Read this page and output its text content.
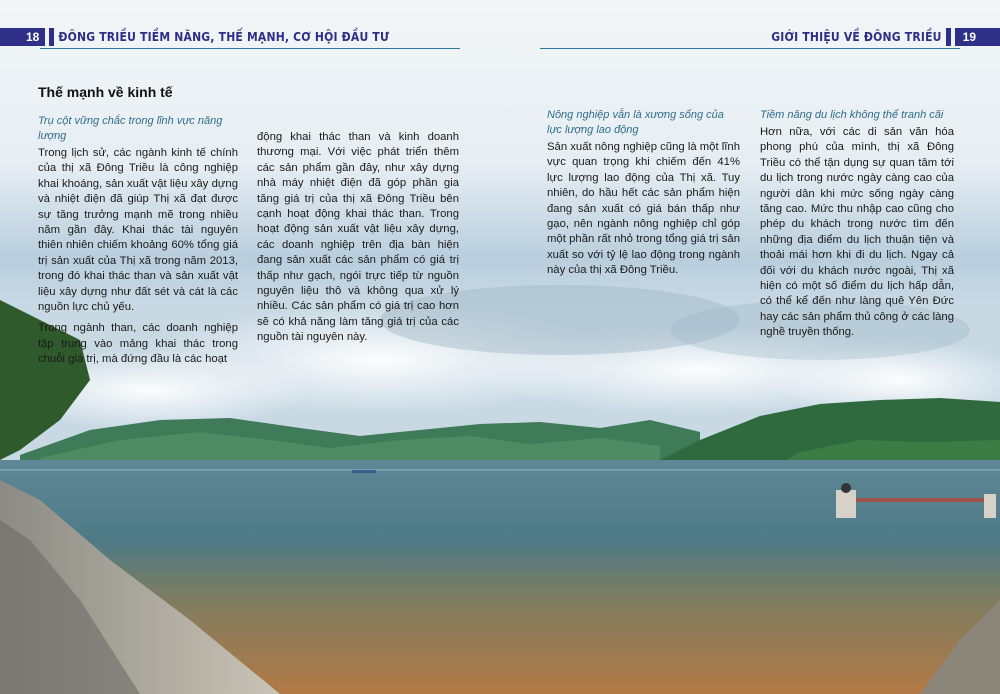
18	ĐÔNG TRIỀU TIỀM NĂNG, THẾ MẠNH, CƠ HỘI ĐẦU TƯ	GIỚI THIỆU VỀ ĐÔNG TRIỀU	19
Thế mạnh về kinh tế
Trụ cột vững chắc trong lĩnh vực năng lượng

Trong lịch sử, các ngành kinh tế chính của thị xã Đông Triều là công nghiệp khai khoáng, sản xuất vật liệu xây dựng và nhiệt điện đã giúp Thị xã đạt được sự tăng trưởng mạnh mẽ trong nhiều năm gần đây. Khai thác tài nguyên thiên nhiên chiếm khoảng 60% tổng giá trị sản xuất của Thị xã trong năm 2013, trong đó khai thác than và sản xuất vật liệu xây dựng như đất sét và cát là các nguồn lực chủ yếu.

Trong ngành than, các doanh nghiệp tập trung vào mảng khai thác trong chuỗi giá trị, mà đứng đầu là các hoạt

động khai thác than và kinh doanh thương mại. Với việc phát triển thêm các sản phẩm gần đây, như xây dựng nhà máy nhiệt điện đã góp phần gia tăng giá trị của thị xã Đông Triều bên cạnh hoạt động khai thác than. Trong hoạt động sản xuất vật liệu xây dựng, các doanh nghiệp trên địa bàn hiện đang sản xuất các sản phẩm có giá trị thấp như gạch, ngói trực tiếp từ nguồn nguyên liệu thô và không qua xử lý nhiều. Các sản phẩm có giá trị cao hơn sẽ có khả năng làm tăng giá trị của các nguồn tài nguyên này.

Nông nghiệp vẫn là xương sống của lực lượng lao động

Sản xuất nông nghiệp cũng là một lĩnh vực quan trọng khi chiếm đến 41% lực lượng lao động của Thị xã. Tuy nhiên, do hầu hết các sản phẩm hiện đang sản xuất có giá bán thấp như gạo, nên ngành nông nghiệp chỉ góp một phần rất nhỏ trong tổng giá trị sản xuất so với tỷ lệ lao động trong ngành này của thị xã Đông Triều.

Tiềm năng du lịch không thể tranh cãi

Hơn nữa, với các di sản văn hóa phong phú của mình, thị xã Đông Triều có thể tận dụng sự quan tâm tới du lịch trong nước ngày càng cao của người dân khi mức sống ngày càng tăng cao. Mức thu nhập cao cũng cho phép du khách trong nước tìm đến những địa điểm du lịch thuận tiện và thoải mái hơn khi đi du lịch. Ngay cả đối với du khách nước ngoài, Thị xã hiện có một số điểm du lịch hấp dẫn, có thể kể đến như làng quê Yên Đức hay các sản phẩm thủ công ở các làng nghề truyền thống.
